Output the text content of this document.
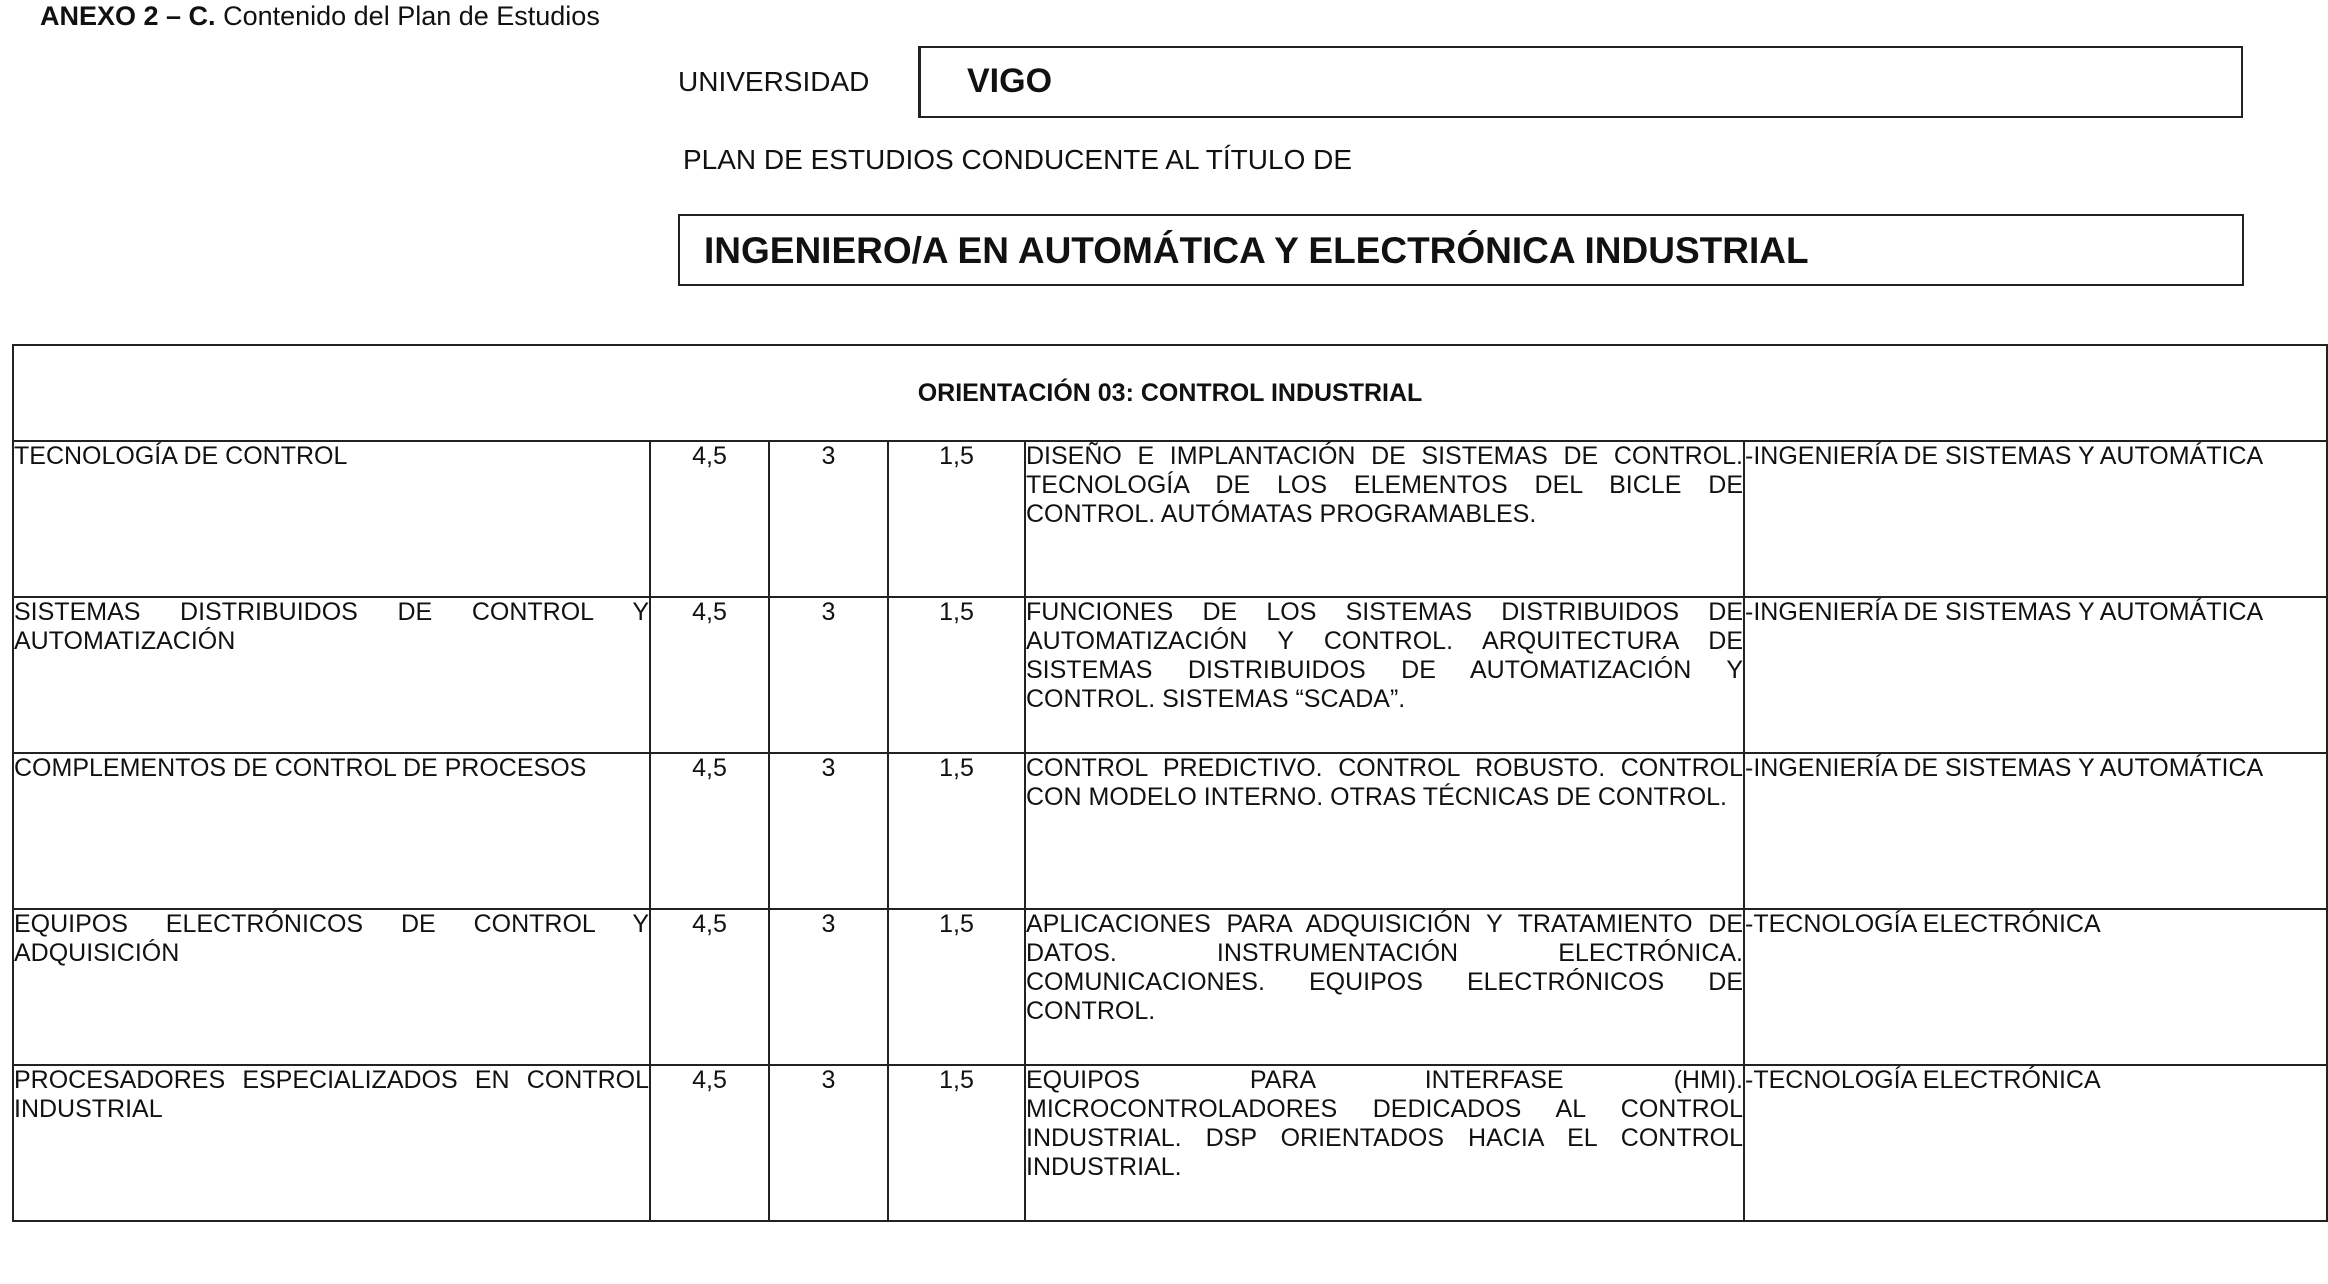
ANEXO 2 – C. Contenido del Plan de Estudios
UNIVERSIDAD	VIGO
PLAN DE ESTUDIOS CONDUCENTE AL TÍTULO DE
INGENIERO/A EN AUTOMÁTICA Y ELECTRÓNICA INDUSTRIAL
ORIENTACIÓN 03: CONTROL INDUSTRIAL					
TECNOLOGÍA DE CONTROL	4,5	3	1,5	DISEÑO E IMPLANTACIÓN DE SISTEMAS DE CONTROL. TECNOLOGÍA DE LOS ELEMENTOS DEL BICLE DE CONTROL. AUTÓMATAS PROGRAMABLES.	-INGENIERÍA DE SISTEMAS Y AUTOMÁTICA
SISTEMAS DISTRIBUIDOS DE CONTROL Y AUTOMATIZACIÓN	4,5	3	1,5	FUNCIONES DE LOS SISTEMAS DISTRIBUIDOS DE AUTOMATIZACIÓN Y CONTROL. ARQUITECTURA DE SISTEMAS DISTRIBUIDOS DE AUTOMATIZACIÓN Y CONTROL. SISTEMAS “SCADA”.	-INGENIERÍA DE SISTEMAS Y AUTOMÁTICA
COMPLEMENTOS DE CONTROL DE PROCESOS	4,5	3	1,5	CONTROL PREDICTIVO. CONTROL ROBUSTO. CONTROL CON MODELO INTERNO. OTRAS TÉCNICAS DE CONTROL.	-INGENIERÍA DE SISTEMAS Y AUTOMÁTICA
EQUIPOS ELECTRÓNICOS DE CONTROL Y ADQUISICIÓN	4,5	3	1,5	APLICACIONES PARA ADQUISICIÓN Y TRATAMIENTO DE DATOS. INSTRUMENTACIÓN ELECTRÓNICA. COMUNICACIONES. EQUIPOS ELECTRÓNICOS DE CONTROL.	-TECNOLOGÍA ELECTRÓNICA
PROCESADORES ESPECIALIZADOS EN CONTROL INDUSTRIAL	4,5	3	1,5	EQUIPOS PARA INTERFASE (HMI). MICROCONTROLADORES DEDICADOS AL CONTROL INDUSTRIAL. DSP ORIENTADOS HACIA EL CONTROL INDUSTRIAL.	-TECNOLOGÍA ELECTRÓNICA
